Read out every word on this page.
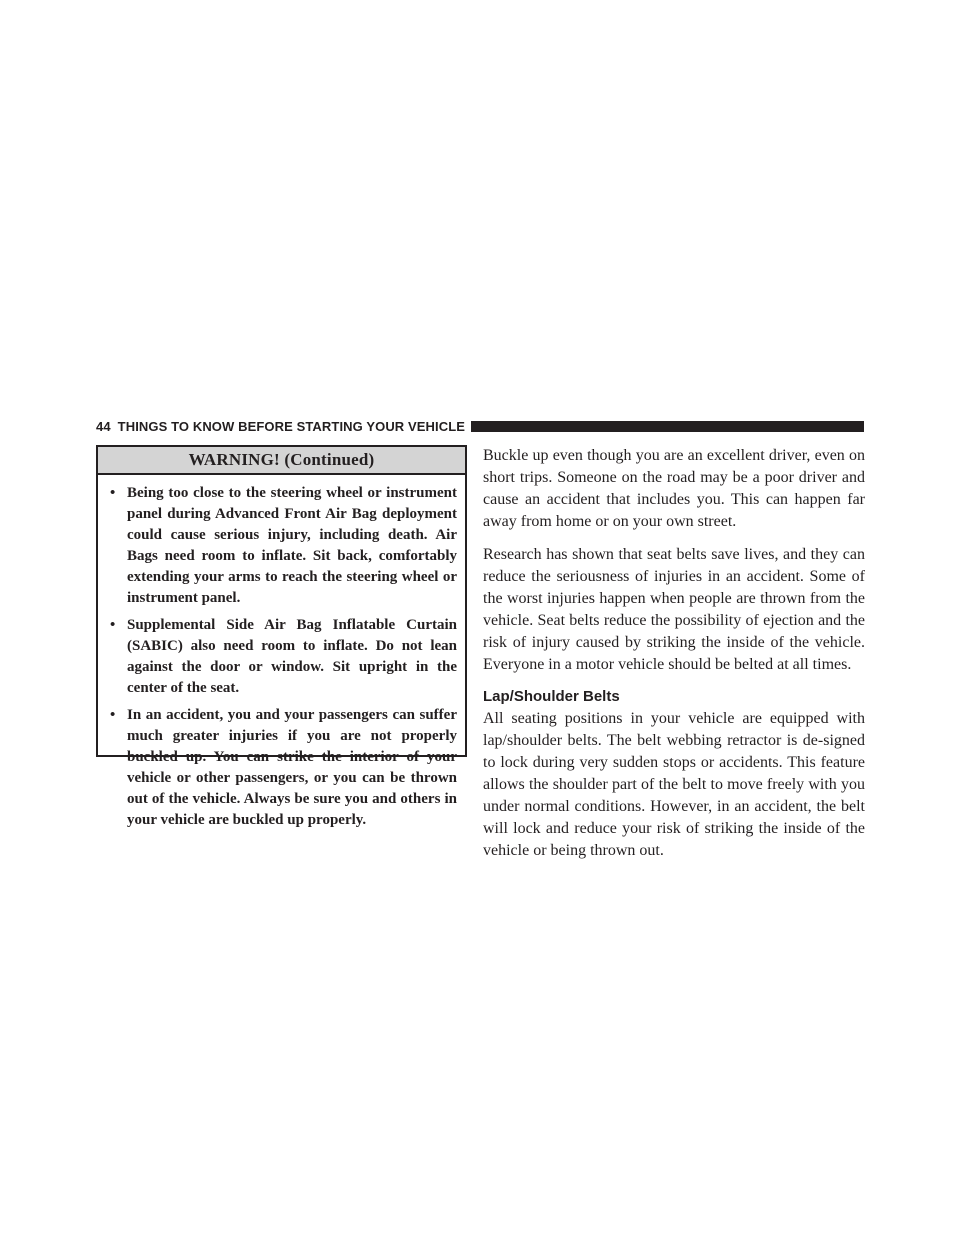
44 THINGS TO KNOW BEFORE STARTING YOUR VEHICLE
WARNING! (Continued)
• Being too close to the steering wheel or instrument panel during Advanced Front Air Bag deployment could cause serious injury, including death. Air Bags need room to inflate. Sit back, comfortably extending your arms to reach the steering wheel or instrument panel.
• Supplemental Side Air Bag Inflatable Curtain (SABIC) also need room to inflate. Do not lean against the door or window. Sit upright in the center of the seat.
• In an accident, you and your passengers can suffer much greater injuries if you are not properly buckled up. You can strike the interior of your vehicle or other passengers, or you can be thrown out of the vehicle. Always be sure you and others in your vehicle are buckled up properly.

Buckle up even though you are an excellent driver, even on short trips. Someone on the road may be a poor driver and cause an accident that includes you. This can happen far away from home or on your own street.

Research has shown that seat belts save lives, and they can reduce the seriousness of injuries in an accident. Some of the worst injuries happen when people are thrown from the vehicle. Seat belts reduce the possibility of ejection and the risk of injury caused by striking the inside of the vehicle. Everyone in a motor vehicle should be belted at all times.

Lap/Shoulder Belts

All seating positions in your vehicle are equipped with lap/shoulder belts. The belt webbing retractor is de-signed to lock during very sudden stops or accidents. This feature allows the shoulder part of the belt to move freely with you under normal conditions. However, in an accident, the belt will lock and reduce your risk of striking the inside of the vehicle or being thrown out.
